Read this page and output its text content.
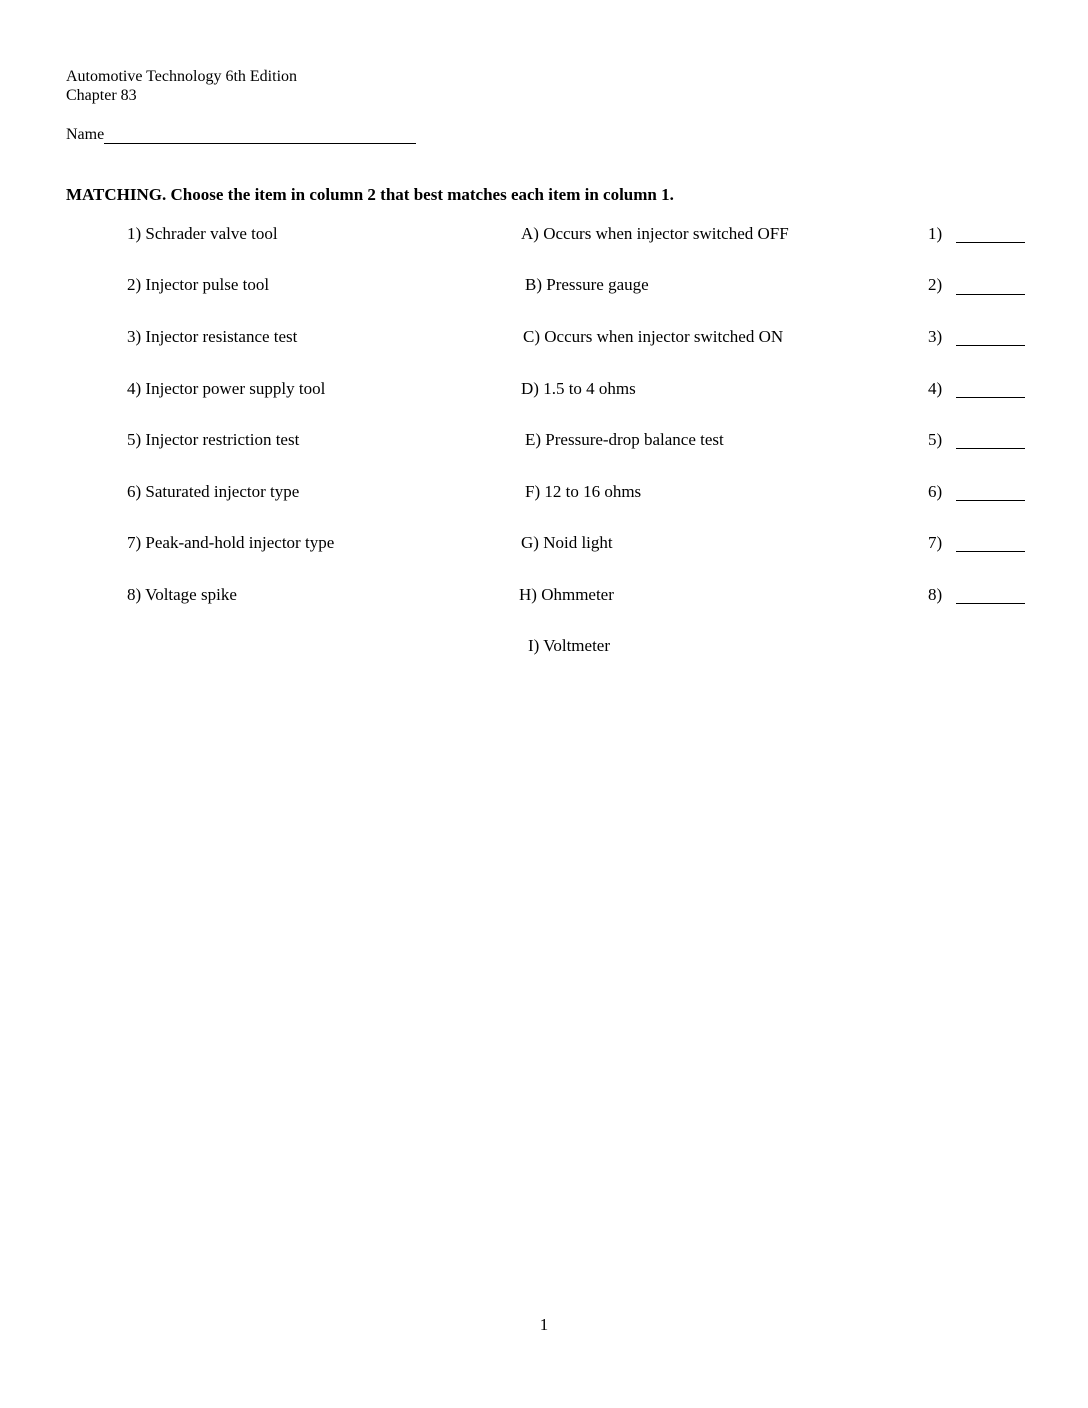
Automotive Technology 6th Edition
Chapter 83
Name
MATCHING. Choose the item in column 2 that best matches each item in column 1.
1) Schrader valve tool
2) Injector pulse tool
3) Injector resistance test
4) Injector power supply tool
5) Injector restriction test
6) Saturated injector type
7) Peak-and-hold injector type
8) Voltage spike
A) Occurs when injector switched OFF
B) Pressure gauge
C) Occurs when injector switched ON
D) 1.5 to 4 ohms
E) Pressure-drop balance test
F) 12 to 16 ohms
G) Noid light
H) Ohmmeter
I) Voltmeter
1)
2)
3)
4)
5)
6)
7)
8)
1
